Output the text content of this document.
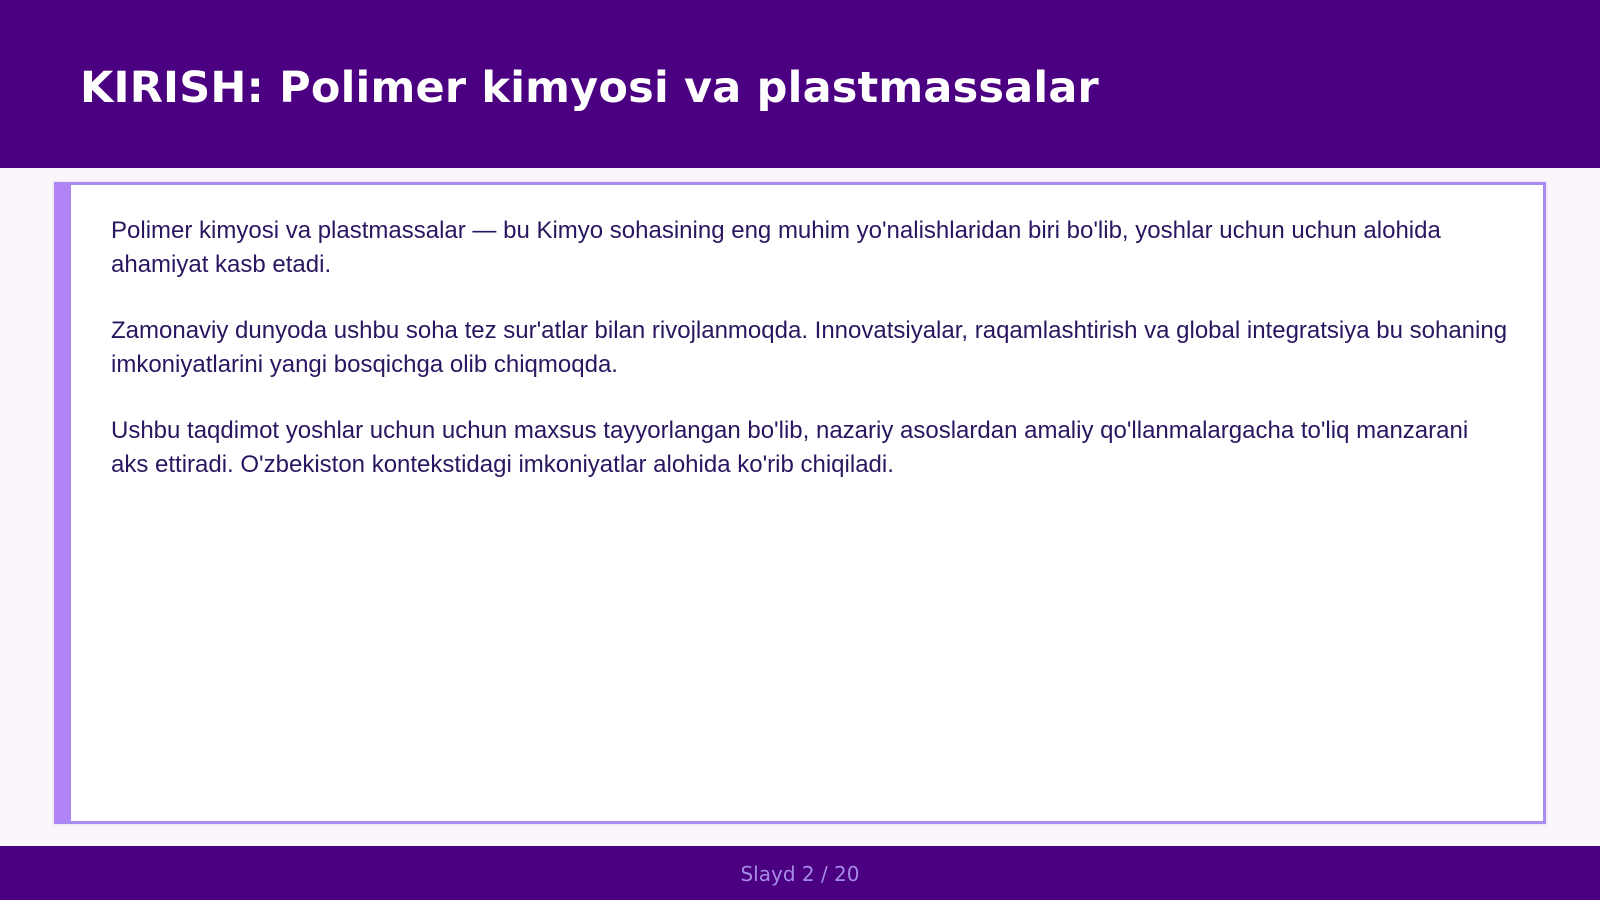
KIRISH: Polimer kimyosi va plastmassalar

Polimer kimyosi va plastmassalar — bu Kimyo sohasining eng muhim yo'nalishlaridan biri bo'lib, yoshlar uchun uchun alohida ahamiyat kasb etadi.

Zamonaviy dunyoda ushbu soha tez sur'atlar bilan rivojlanmoqda. Innovatsiyalar, raqamlashtirish va global integratsiya bu sohaning imkoniyatlarini yangi bosqichga olib chiqmoqda.

Ushbu taqdimot yoshlar uchun uchun maxsus tayyorlangan bo'lib, nazariy asoslardan amaliy qo'llanmalargacha to'liq manzarani aks ettiradi. O'zbekiston kontekstidagi imkoniyatlar alohida ko'rib chiqiladi.

Slayd 2 / 20
